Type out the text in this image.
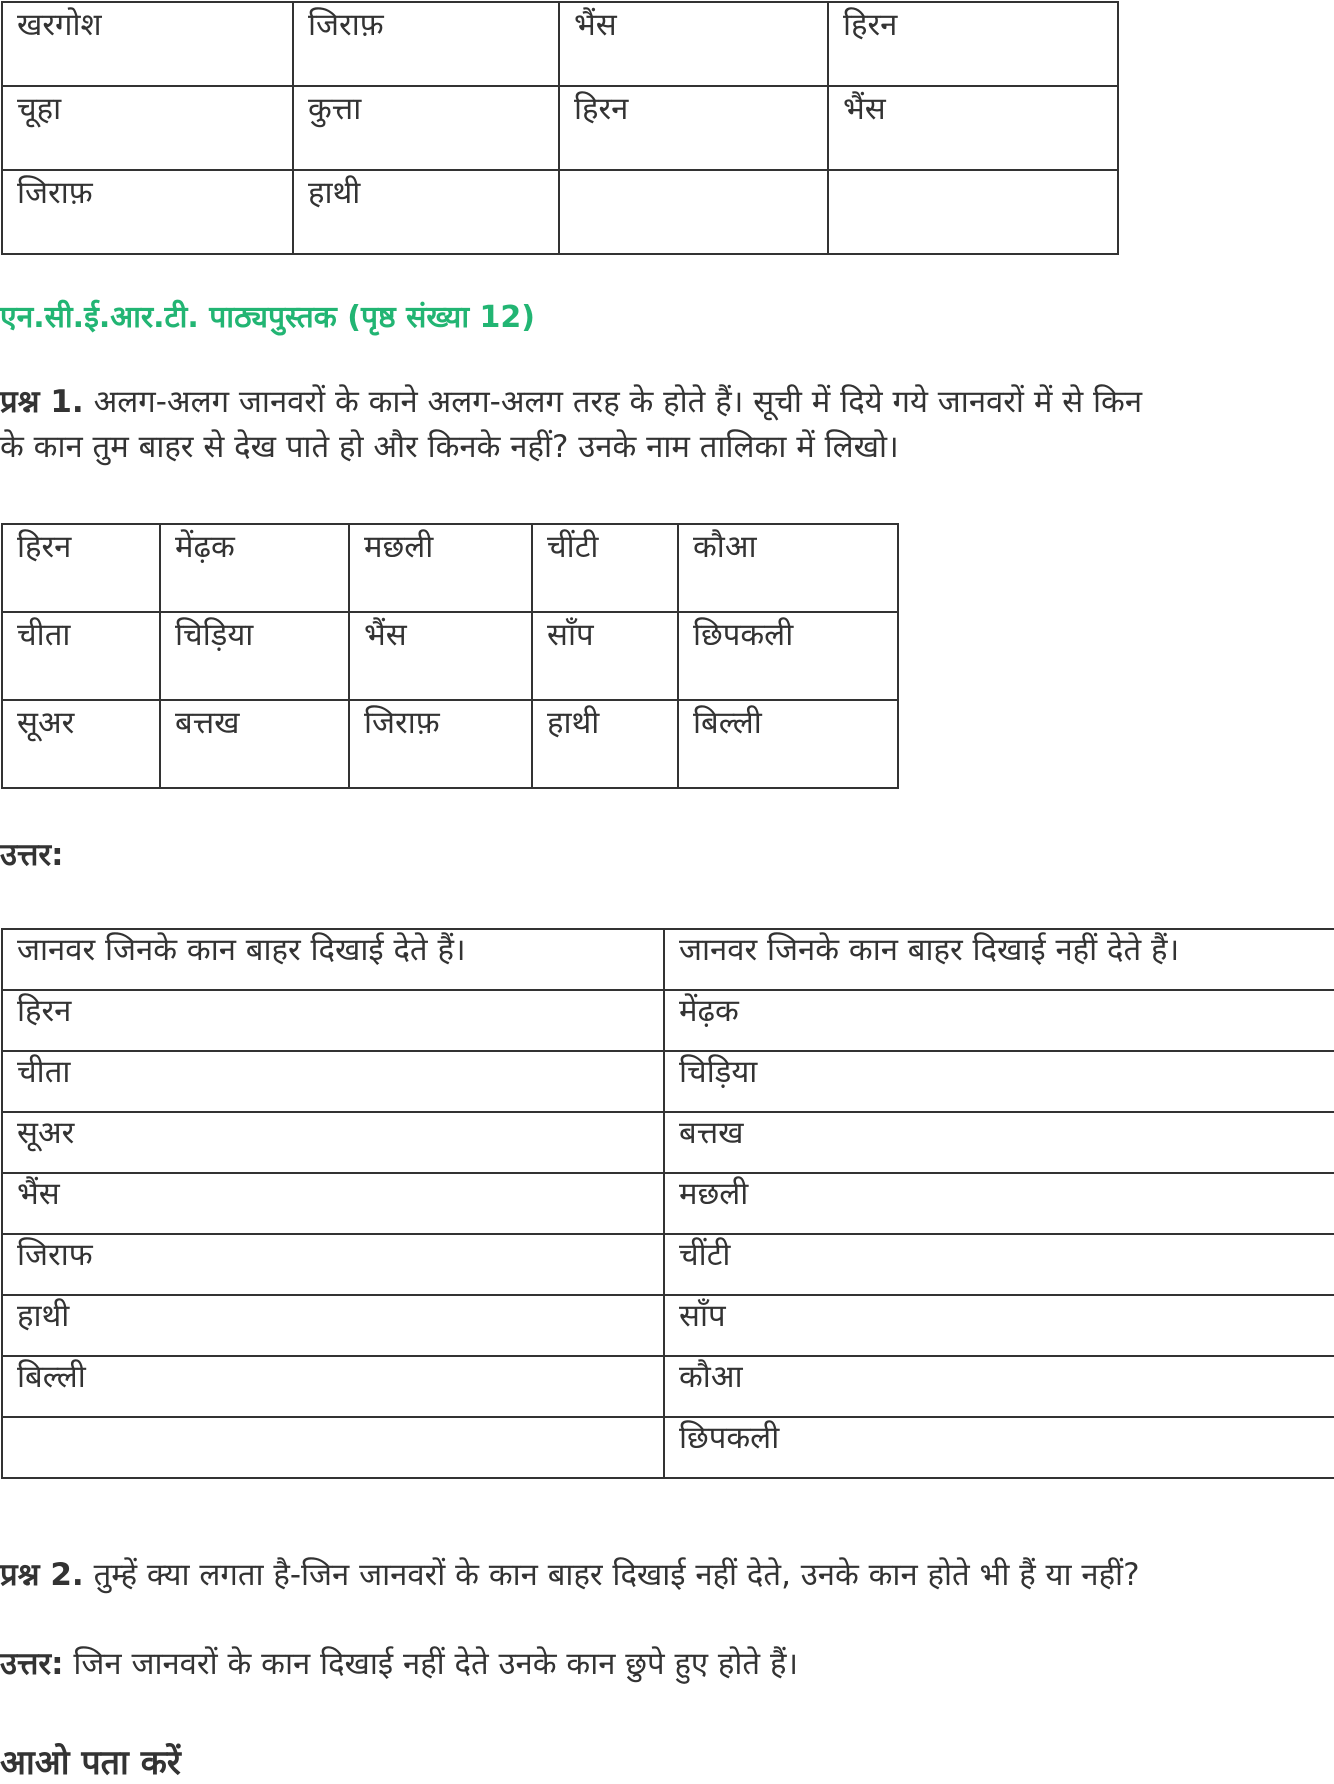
खरगोश	जिराफ़	भैंस	हिरन
चूहा	कुत्ता	हिरन	भैंस
जिराफ़	हाथी		
एन.सी.ई.आर.टी. पाठ्यपुस्तक (पृष्ठ संख्या 12)
प्रश्न 1. अलग-अलग जानवरों के काने अलग-अलग तरह के होते हैं। सूची में दिये गये जानवरों में से किन
के कान तुम बाहर से देख पाते हो और किनके नहीं? उनके नाम तालिका में लिखो।
हिरन	मेंढ़क	मछली	चींटी	कौआ
चीता	चिड़िया	भैंस	साँप	छिपकली
सूअर	बत्तख	जिराफ़	हाथी	बिल्ली
उत्तर:
जानवर जिनके कान बाहर दिखाई देते हैं।	जानवर जिनके कान बाहर दिखाई नहीं देते हैं।
हिरन	मेंढ़क
चीता	चिड़िया
सूअर	बत्तख
भैंस	मछली
जिराफ	चींटी
हाथी	साँप
बिल्ली	कौआ
	छिपकली
प्रश्न 2. तुम्हें क्या लगता है-जिन जानवरों के कान बाहर दिखाई नहीं देते, उनके कान होते भी हैं या नहीं?
उत्तर: जिन जानवरों के कान दिखाई नहीं देते उनके कान छुपे हुए होते हैं।
आओ पता करें
